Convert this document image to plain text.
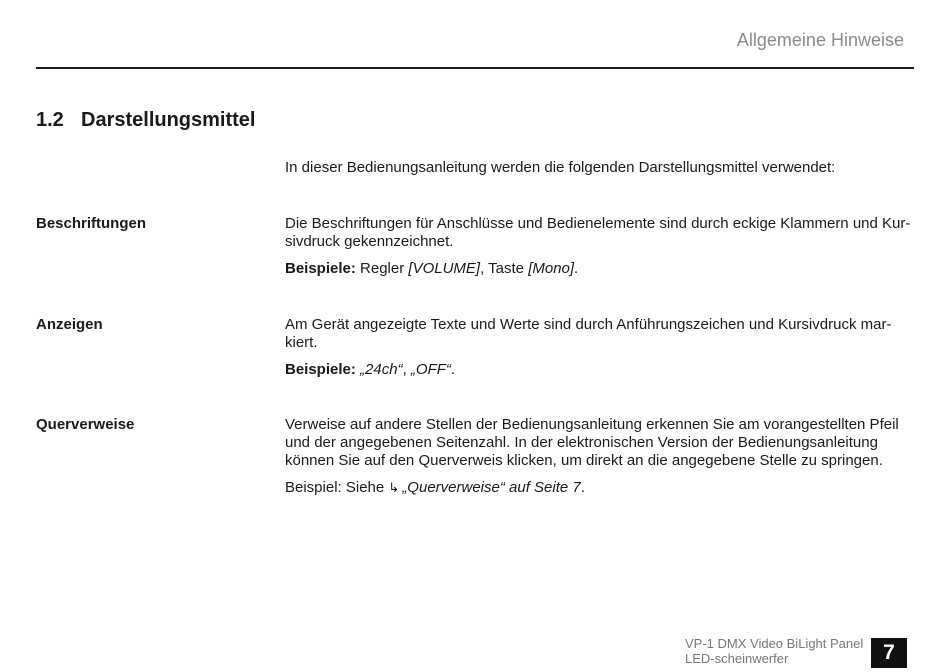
Allgemeine Hinweise
1.2 Darstellungsmittel
In dieser Bedienungsanleitung werden die folgenden Darstellungsmittel verwendet:
Beschriftungen	Die Beschriftungen für Anschlüsse und Bedienelemente sind durch eckige Klammern und Kur-
sivdruck gekennzeichnet.
Beispiele: Regler [VOLUME], Taste [Mono].
Anzeigen	Am Gerät angezeigte Texte und Werte sind durch Anführungszeichen und Kursivdruck mar-
kiert.
Beispiele: „24ch“, „OFF“.
Querverweise	Verweise auf andere Stellen der Bedienungsanleitung erkennen Sie am vorangestellten Pfeil
und der angegebenen Seitenzahl. In der elektronischen Version der Bedienungsanleitung
können Sie auf den Querverweis klicken, um direkt an die angegebene Stelle zu springen.
Beispiel: Siehe ↳ „Querverweise“ auf Seite 7.
VP-1 DMX Video BiLight Panel
LED-scheinwerfer	7
